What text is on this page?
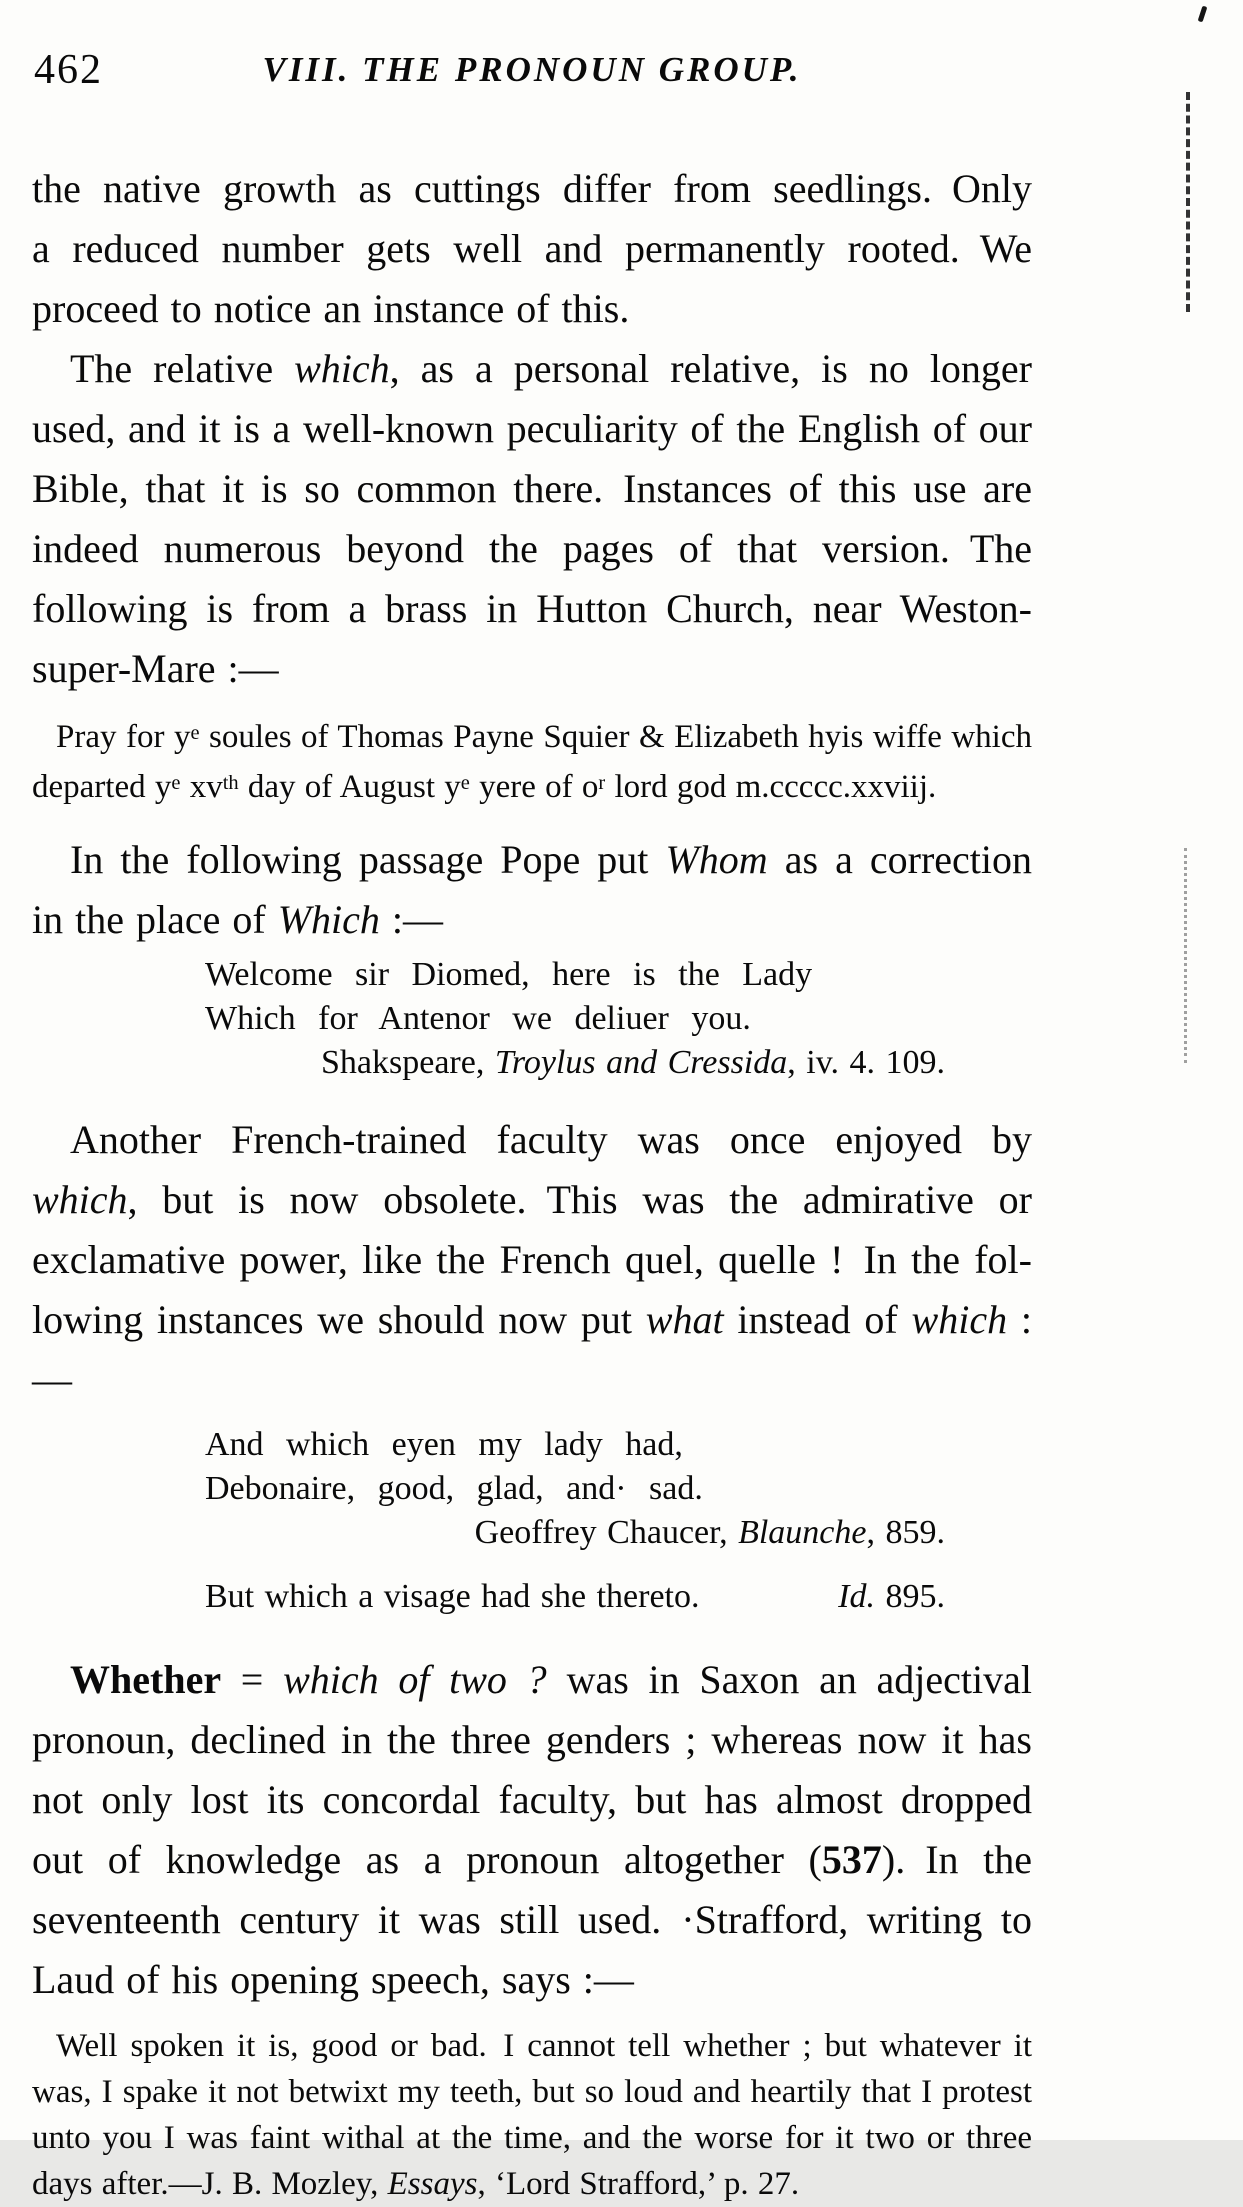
462	VIII. THE PRONOUN GROUP.
the native growth as cuttings differ from seedlings. Only
a reduced number gets well and permanently rooted. We
proceed to notice an instance of this.
The relative which, as a personal relative, is no longer
used, and it is a well-known peculiarity of the English of our
Bible, that it is so common there. Instances of this use are
indeed numerous beyond the pages of that version. The
following is from a brass in Hutton Church, near Weston-
super-Mare :—
Pray for $y^e$ soules of Thomas Payne Squier & Elizabeth hyis wiffe which
departed $y^e$ $xv^{th}$ day of August $y^e$ yere of $o^r$ lord god m.ccccc.xxviij.
In the following passage Pope put Whom as a correction
in the place of Which :—
Welcome sir Diomed, here is the Lady
Which for Antenor we deliuer you.
Shakspeare, Troylus and Cressida, iv. 4. 109.
Another French-trained faculty was once enjoyed by
which, but is now obsolete. This was the admirative or
exclamative power, like the French quel, quelle ! In the fol-
lowing instances we should now put what instead of which :—
And which eyen my lady had,
Debonaire, good, glad, and· sad.
Geoffrey Chaucer, Blaunche, 859.
But which a visage had she thereto.	Id. 895.
Whether = which of two ? was in Saxon an adjectival
pronoun, declined in the three genders ; whereas now it has
not only lost its concordal faculty, but has almost dropped
out of knowledge as a pronoun altogether (537). In the
seventeenth century it was still used. ·Strafford, writing to
Laud of his opening speech, says :—
Well spoken it is, good or bad. I cannot tell whether ; but whatever it
was, I spake it not betwixt my teeth, but so loud and heartily that I protest
unto you I was faint withal at the time, and the worse for it two or three
days after.—J. B. Mozley, Essays, ‘Lord Strafford,’ p. 27.
